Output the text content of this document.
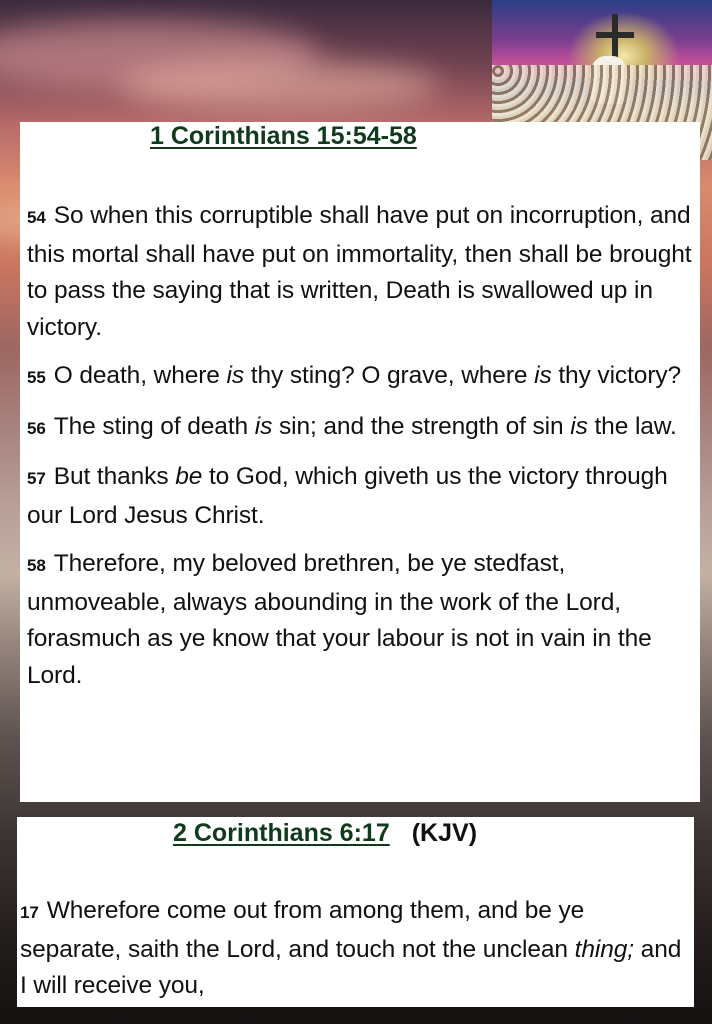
1 Corinthians 15:54-58

54 So when this corruptible shall have put on incorruption, and this mortal shall have put on immortality, then shall be brought to pass the saying that is written, Death is swallowed up in victory.

55 O death, where is thy sting? O grave, where is thy victory?

56 The sting of death is sin; and the strength of sin is the law.

57 But thanks be to God, which giveth us the victory through our Lord Jesus Christ.

58 Therefore, my beloved brethren, be ye stedfast, unmoveable, always abounding in the work of the Lord, forasmuch as ye know that your labour is not in vain in the Lord.

2 Corinthians 6:17 (KJV)

17 Wherefore come out from among them, and be ye separate, saith the Lord, and touch not the unclean thing; and I will receive you,
